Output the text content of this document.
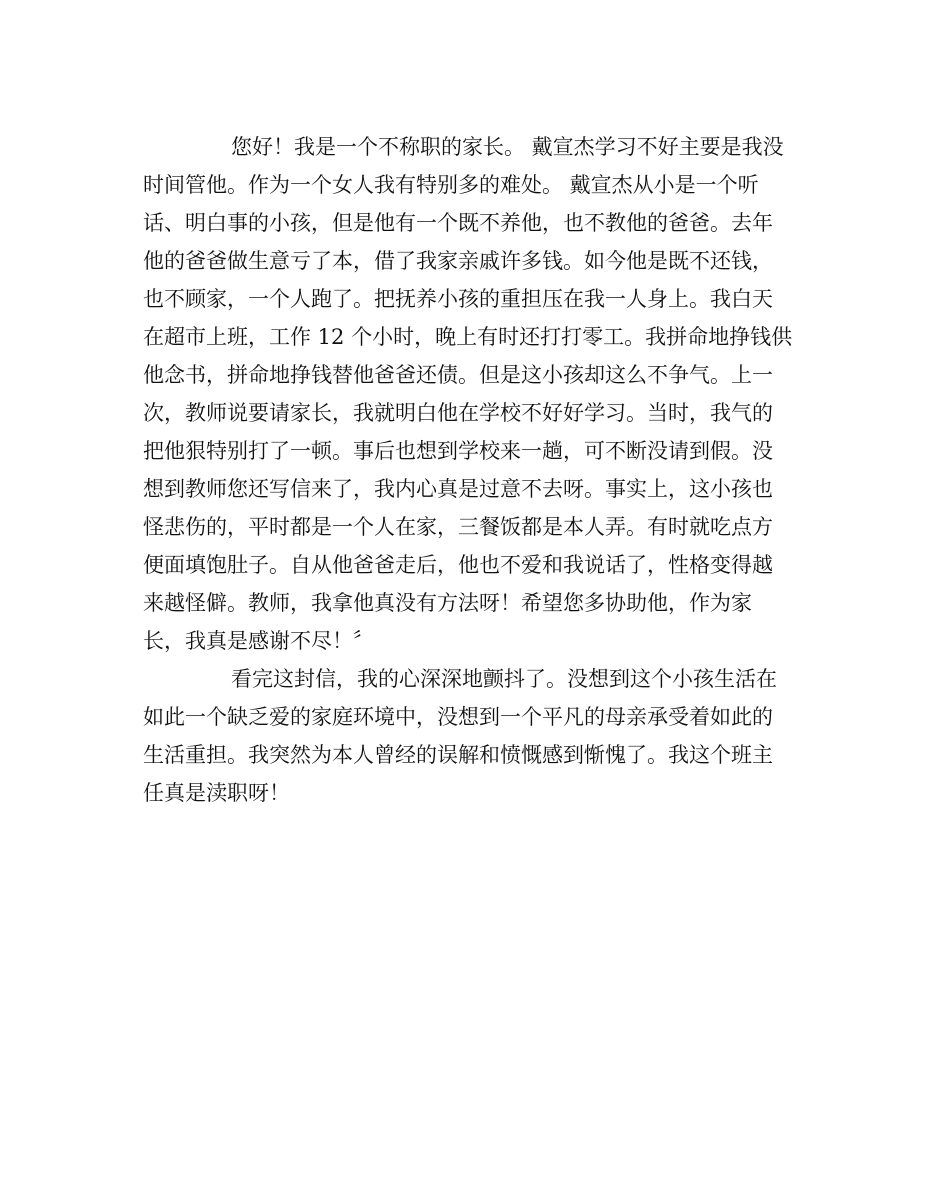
您好！我是一个不称职的家长。 戴宣杰学习不好主要是我没
时间管他。作为一个女人我有特别多的难处。 戴宣杰从小是一个听
话、明白事的小孩，但是他有一个既不养他，也不教他的爸爸。去年
他的爸爸做生意亏了本，借了我家亲戚许多钱。如今他是既不还钱，
也不顾家，一个人跑了。把抚养小孩的重担压在我一人身上。我白天
在超市上班，工作 12 个小时，晚上有时还打打零工。我拼命地挣钱供
他念书，拼命地挣钱替他爸爸还债。但是这小孩却这么不争气。上一
次，教师说要请家长，我就明白他在学校不好好学习。当时，我气的
把他狠特别打了一顿。事后也想到学校来一趟，可不断没请到假。没
想到教师您还写信来了，我内心真是过意不去呀。事实上，这小孩也
怪悲伤的，平时都是一个人在家，三餐饭都是本人弄。有时就吃点方
便面填饱肚子。自从他爸爸走后，他也不爱和我说话了，性格变得越
来越怪僻。教师，我拿他真没有方法呀！希望您多协助他，作为家
长，我真是感谢不尽！〞
看完这封信，我的心深深地颤抖了。没想到这个小孩生活在
如此一个缺乏爱的家庭环境中，没想到一个平凡的母亲承受着如此的
生活重担。我突然为本人曾经的误解和愤慨感到惭愧了。我这个班主
任真是渎职呀！
